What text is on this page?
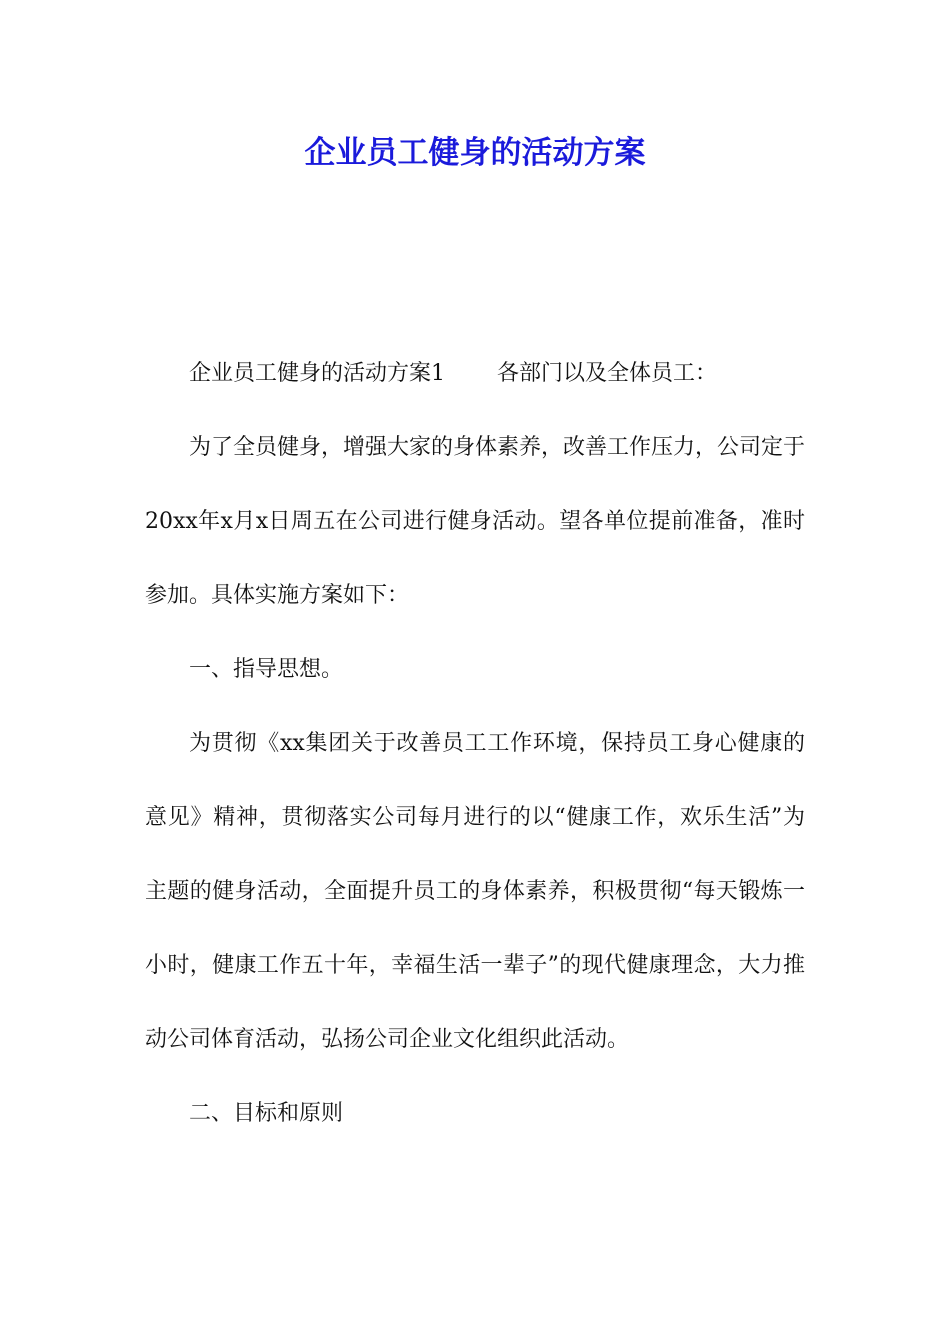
企业员工健身的活动方案

企业员工健身的活动方案1 各部门以及全体员工：

为了全员健身，增强大家的身体素养，改善工作压力，公司定于20xx年x月x日周五在公司进行健身活动。望各单位提前准备，准时参加。具体实施方案如下：

一、指导思想。

为贯彻《xx集团关于改善员工工作环境，保持员工身心健康的意见》精神，贯彻落实公司每月进行的以“健康工作，欢乐生活”为主题的健身活动，全面提升员工的身体素养，积极贯彻“每天锻炼一小时，健康工作五十年，幸福生活一辈子”的现代健康理念，大力推动公司体育活动，弘扬公司企业文化组织此活动。

二、目标和原则
